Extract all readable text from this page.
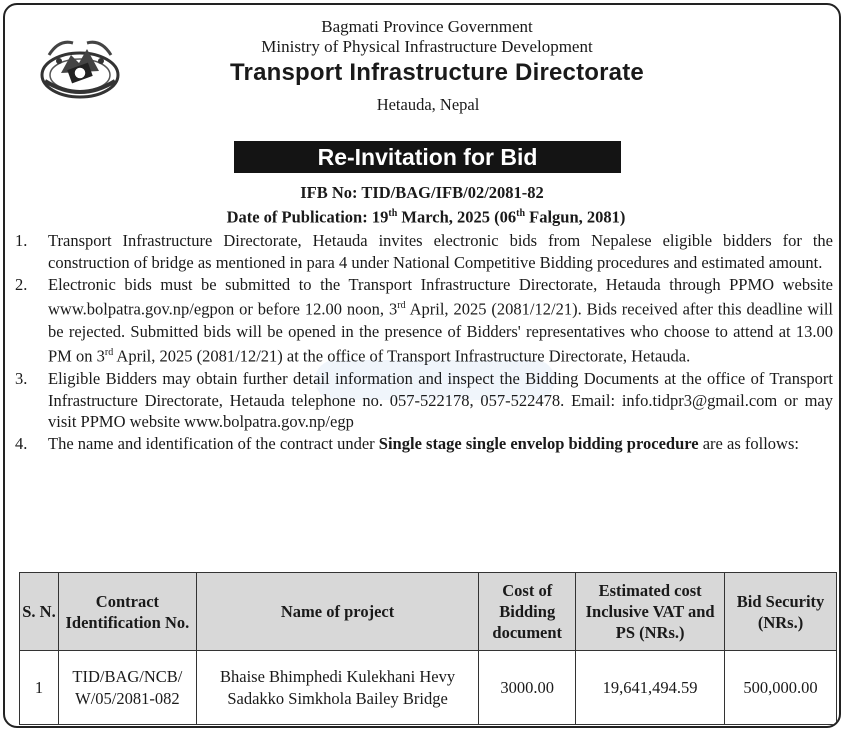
Bagmati Province Government
Ministry of Physical Infrastructure Development
Transport Infrastructure Directorate
Hetauda, Nepal
Re-Invitation for Bid
IFB No: TID/BAG/IFB/02/2081-82
Date of Publication: 19th March, 2025 (06th Falgun, 2081)
1.	Transport Infrastructure Directorate, Hetauda invites electronic bids from Nepalese eligible bidders for the construction of bridge as mentioned in para 4 under National Competitive Bidding procedures and estimated amount.
2.	Electronic bids must be submitted to the Transport Infrastructure Directorate, Hetauda through PPMO website www.bolpatra.gov.np/egpon or before 12.00 noon, 3rd April, 2025 (2081/12/21). Bids received after this deadline will be rejected. Submitted bids will be opened in the presence of Bidders' representatives who choose to attend at 13.00 PM on 3rd April, 2025 (2081/12/21) at the office of Transport Infrastructure Directorate, Hetauda.
3.	Eligible Bidders may obtain further detail information and inspect the Bidding Documents at the office of Transport Infrastructure Directorate, Hetauda telephone no. 057-522178, 057-522478. Email: info.tidpr3@gmail.com or may visit PPMO website www.bolpatra.gov.np/egp
4.	The name and identification of the contract under Single stage single envelop bidding procedure are as follows:
S. N.	Contract Identification No.	Name of project	Cost of Bidding document	Estimated cost Inclusive VAT and PS (NRs.)	Bid Security (NRs.)
1	TID/BAG/NCB/ W/05/2081-082	Bhaise Bhimphedi Kulekhani Hevy Sadakko Simkhola Bailey Bridge	3000.00	19,641,494.59	500,000.00
